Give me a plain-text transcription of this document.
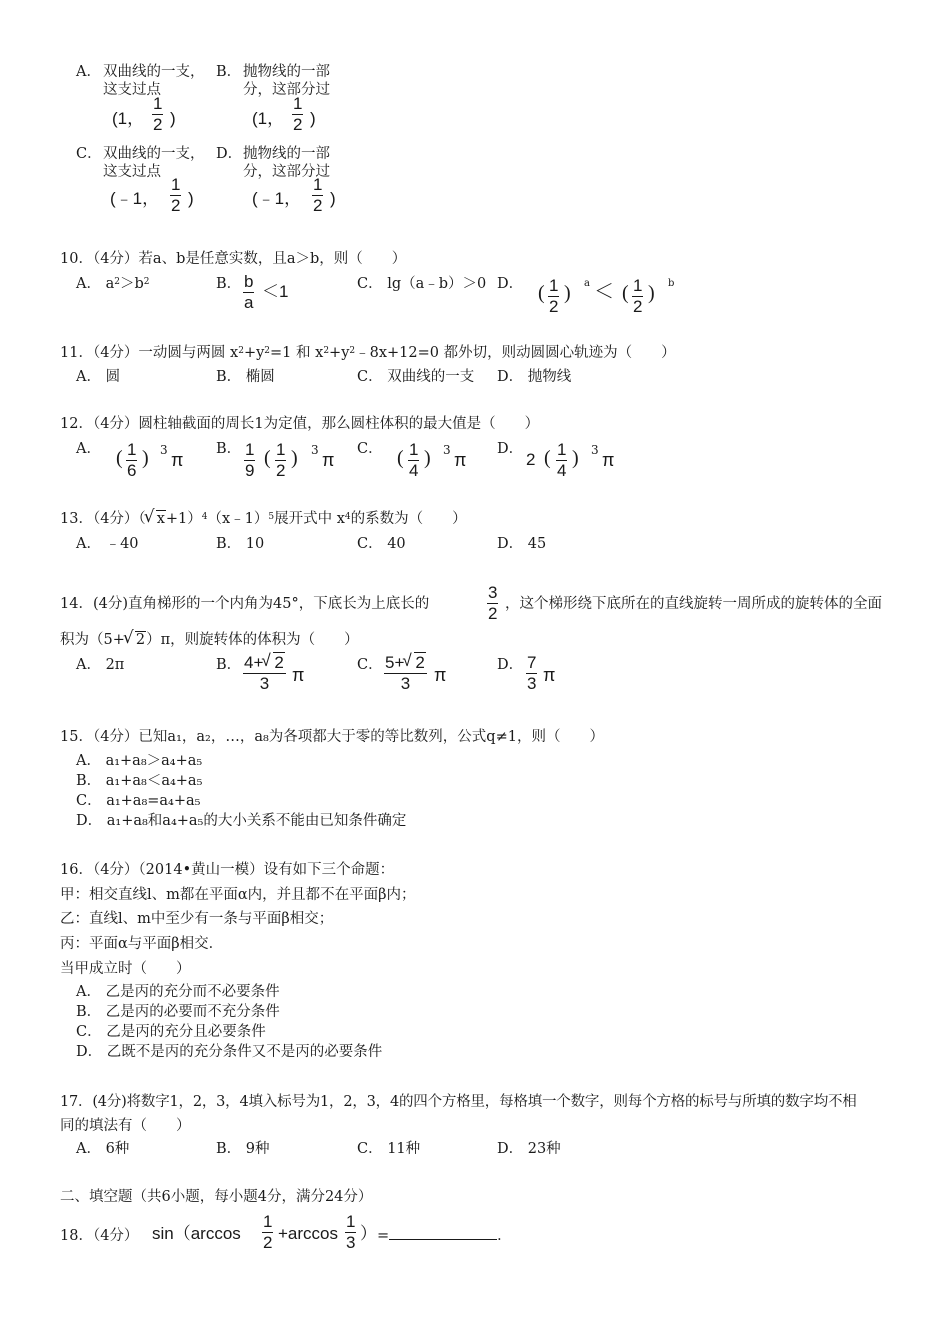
A． 双曲线的一支，
这支过点
(1， $\frac{1}{2}$ )
B． 抛物线的一部
分，这部分过
(1， $\frac{1}{2}$ )
C． 双曲线的一支，
这支过点
(﹣1， $\frac{1}{2}$ )
D． 抛物线的一部
分，这部分过
(﹣1， $\frac{1}{2}$ )
10．（4分）若a、b是任意实数，且a＞b，则（　　）
A． $a^2>b^2$	B． $\frac{b}{a} <1$	C． lg（a﹣b）＞0 D． ( $\frac{1}{2}$ ) a ＜ ( $\frac{1}{2}$ ) b
11．（4分）一动圆与两圆 $x^2+y^2=1$ 和 $x^2+y^2﹣8x+12=0$ 都外切，则动圆圆心轨迹为（　　）
A． 圆	B． 椭圆	C． 双曲线的一支 D． 抛物线
12．（4分）圆柱轴截面的周长1为定值，那么圆柱体积的最大值是（　　）
A． ( $\frac{1}{6}$ ) 3 π
B． $\frac{1}{9}$ ( $\frac{1}{2}$ ) 3 π
C． ( $\frac{1}{4}$ ) 3 π
D．
2 ( $\frac{1}{4}$ ) 3 π
13．（4分）（ √ x+1）$^4$（x﹣1）$^5$展开式中 $x^4$的系数为（　　）
A． ﹣40	B． 10	C． 40	D． 45
14．(4分)直角梯形的一个内角为45°，下底长为上底长的	$\frac{3}{2}$ ，这个梯形绕下底所在的直线旋转一周所成的旋转体的全面
积为（5+ √ 2）π，则旋转体的体积为（　　）
A． 2π	B． $\frac{4+ √ 2}{3}$ π	C． $\frac{5+ √ 2}{3}$ π	D． $\frac{7}{3}$ π
15．（4分）已知a₁，a₂，…，a₈为各项都大于零的等比数列，公式q≠1，则（　　）
A． a₁+a₈＞a₄+a₅
B． a₁+a₈＜a₄+a₅
C． a₁+a₈=a₄+a₅
D． a₁+a₈和a₄+a₅的大小关系不能由已知条件确定
16．（4分）（2014•黄山一模）设有如下三个命题：
甲：相交直线l、m都在平面α内，并且都不在平面β内；
乙：直线l、m中至少有一条与平面β相交；
丙：平面α与平面β相交．
当甲成立时（　　）
A． 乙是丙的充分而不必要条件
B． 乙是丙的必要而不充分条件
C． 乙是丙的充分且必要条件
D． 乙既不是丙的充分条件又不是丙的必要条件
17．(4分)将数字1，2，3，4填入标号为1，2，3，4的四个方格里，每格填一个数字，则每个方格的标号与所填的数字均不相
同的填法有（　　）
A． 6种	B． 9种	C． 11种	D． 23种
二、填空题（共6小题，每小题4分，满分24分）
18．（4分） $\sin(\arccos \frac{1}{2} +\arccos \frac{1}{3}$ ） =	．
